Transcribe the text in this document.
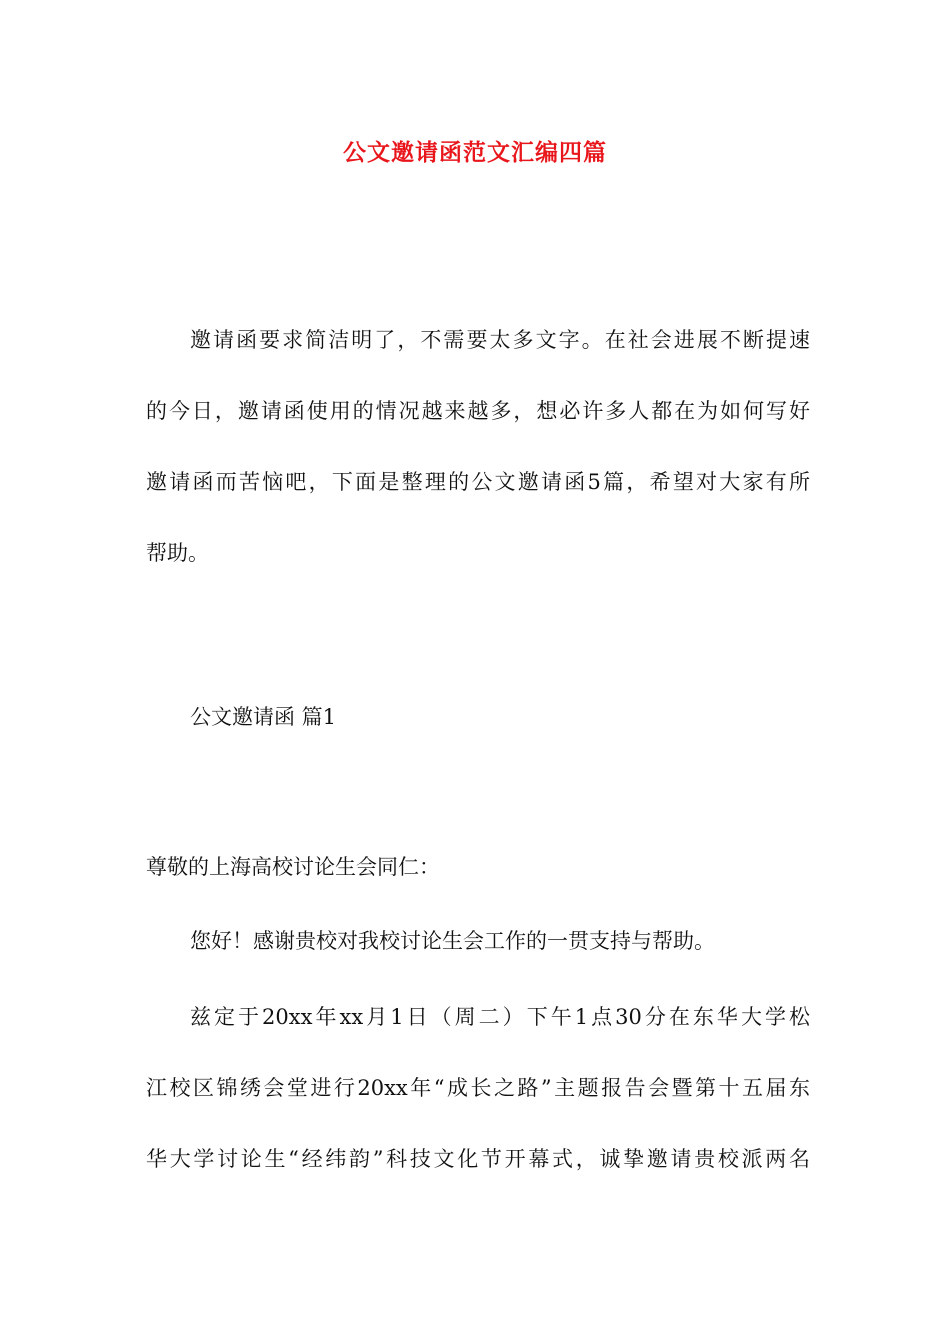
公文邀请函范文汇编四篇
邀请函要求简洁明了，不需要太多文字。在社会进展不断提速
的今日，邀请函使用的情况越来越多，想必许多人都在为如何写好
邀请函而苦恼吧，下面是整理的公文邀请函5篇，希望对大家有所
帮助。
公文邀请函 篇1
尊敬的上海高校讨论生会同仁：
您好！感谢贵校对我校讨论生会工作的一贯支持与帮助。
兹定于20xx年xx月1日（周二）下午1点30分在东华大学松
江校区锦绣会堂进行20xx年“成长之路”主题报告会暨第十五届东
华大学讨论生“经纬韵”科技文化节开幕式，诚挚邀请贵校派两名
